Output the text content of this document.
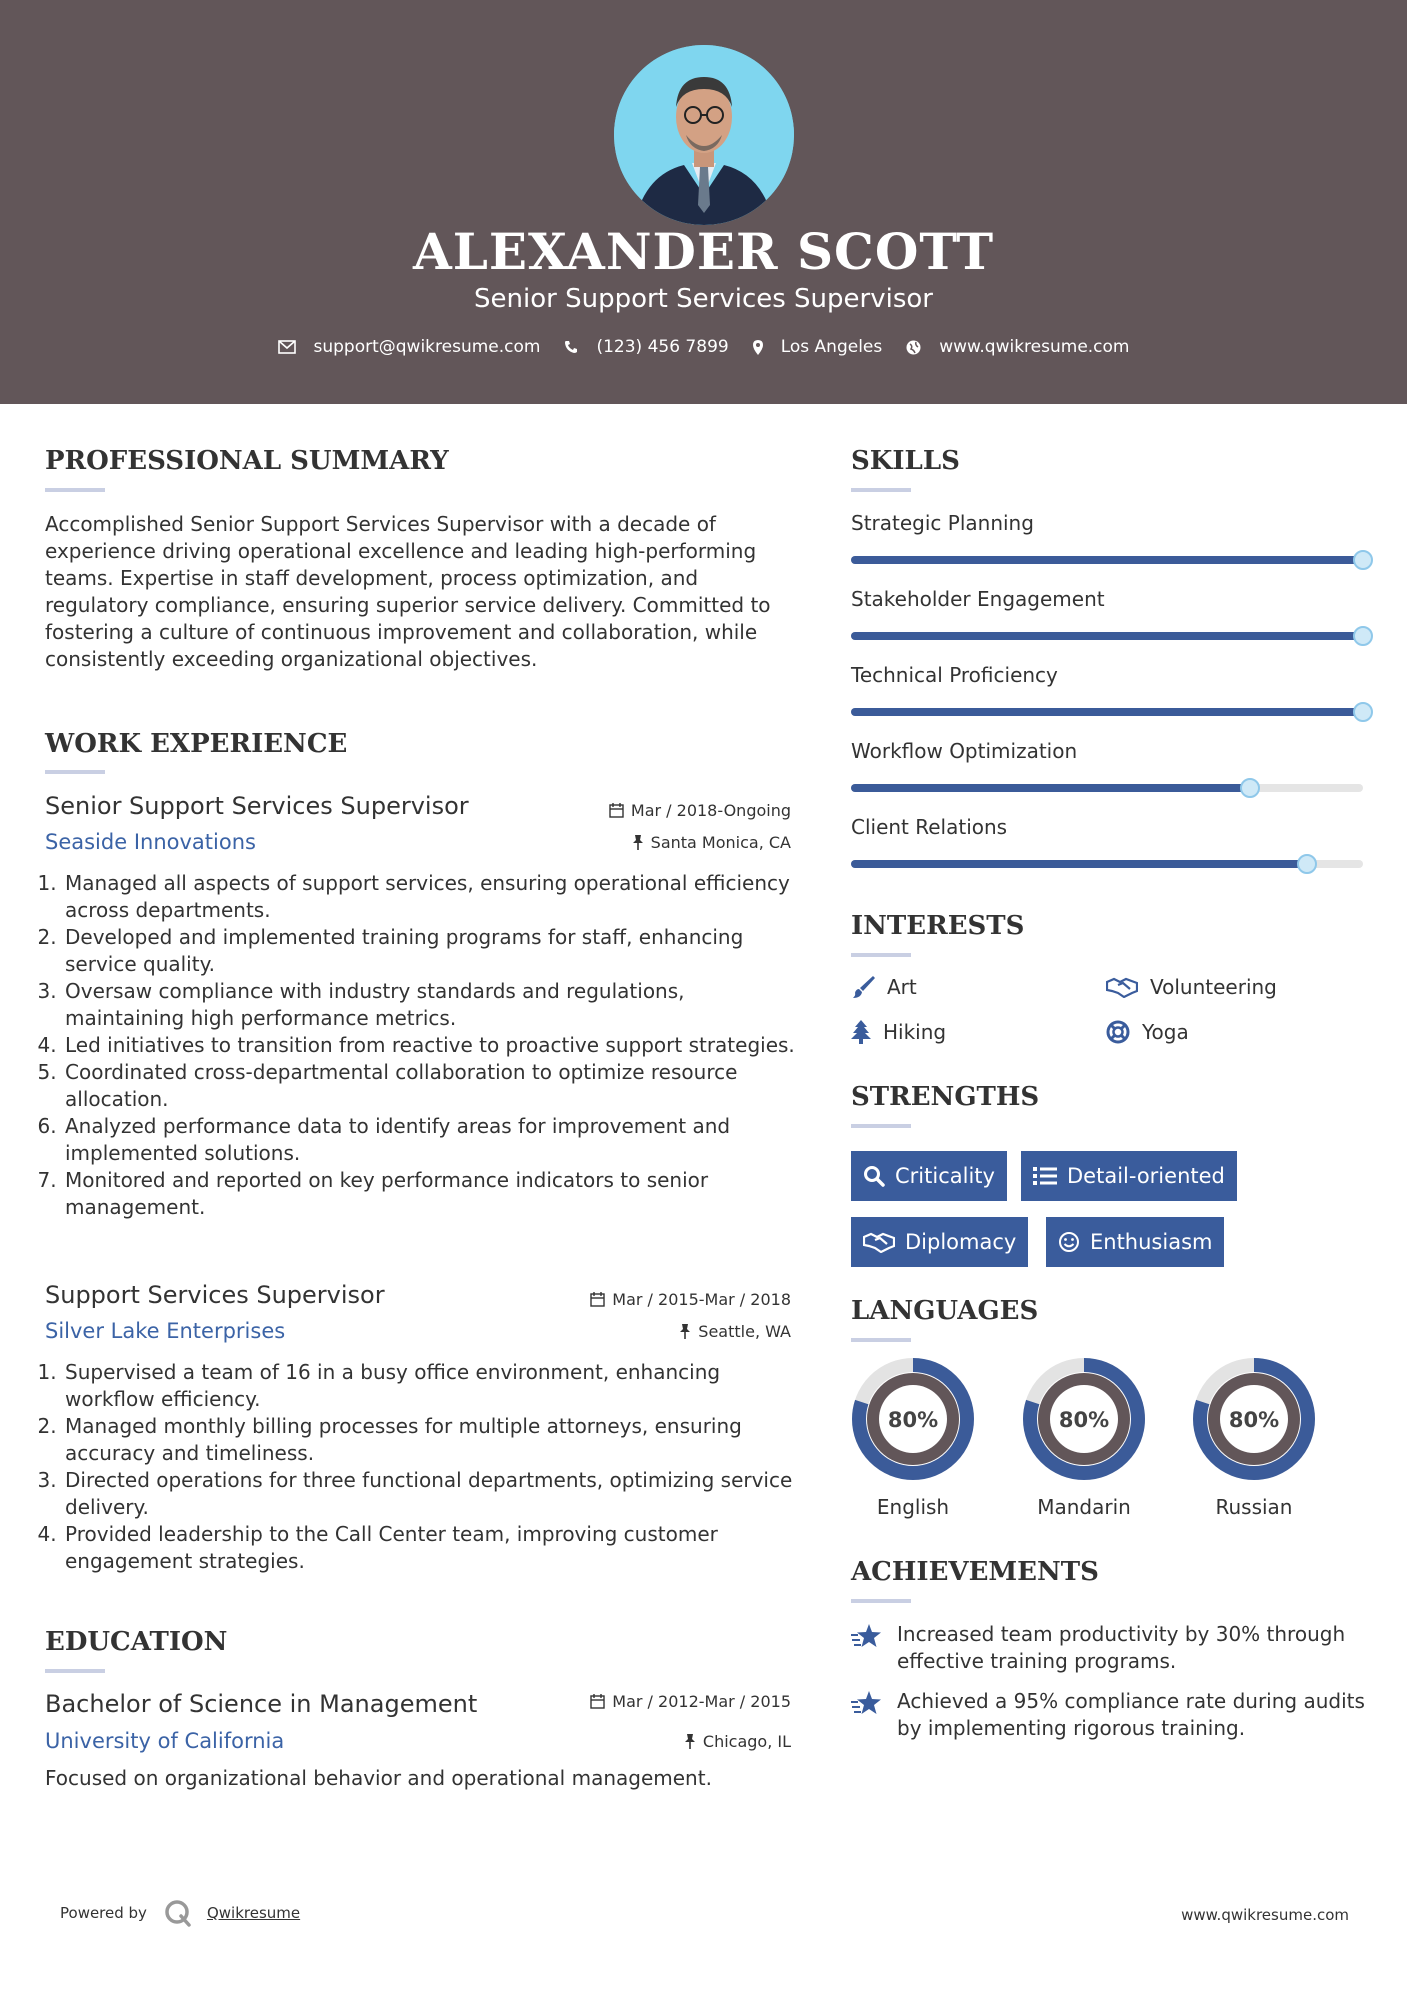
ALEXANDER SCOTT
Senior Support Services Supervisor
support@qwikresume.com	(123) 456 7899	Los Angeles	www.qwikresume.com
PROFESSIONAL SUMMARY
Accomplished Senior Support Services Supervisor with a decade of experience driving operational excellence and leading high-performing teams. Expertise in staff development, process optimization, and regulatory compliance, ensuring superior service delivery. Committed to fostering a culture of continuous improvement and collaboration, while consistently exceeding organizational objectives.
WORK EXPERIENCE
Senior Support Services Supervisor	Mar / 2018-Ongoing
Seaside Innovations	Santa Monica, CA
1. Managed all aspects of support services, ensuring operational efficiency across departments.
2. Developed and implemented training programs for staff, enhancing service quality.
3. Oversaw compliance with industry standards and regulations, maintaining high performance metrics.
4. Led initiatives to transition from reactive to proactive support strategies.
5. Coordinated cross-departmental collaboration to optimize resource allocation.
6. Analyzed performance data to identify areas for improvement and implemented solutions.
7. Monitored and reported on key performance indicators to senior management.
Support Services Supervisor	Mar / 2015-Mar / 2018
Silver Lake Enterprises	Seattle, WA
1. Supervised a team of 16 in a busy office environment, enhancing workflow efficiency.
2. Managed monthly billing processes for multiple attorneys, ensuring accuracy and timeliness.
3. Directed operations for three functional departments, optimizing service delivery.
4. Provided leadership to the Call Center team, improving customer engagement strategies.
EDUCATION
Bachelor of Science in Management	Mar / 2012-Mar / 2015
University of California	Chicago, IL
Focused on organizational behavior and operational management.
SKILLS
Strategic Planning
Stakeholder Engagement
Technical Proficiency
Workflow Optimization
Client Relations
INTERESTS
Art	Volunteering
Hiking	Yoga
STRENGTHS
Criticality	Detail-oriented
Diplomacy	Enthusiasm
LANGUAGES
80%
English
80%
Mandarin
80%
Russian
ACHIEVEMENTS
Increased team productivity by 30% through effective training programs.
Achieved a 95% compliance rate during audits by implementing rigorous training.
Powered by	Qwikresume	www.qwikresume.com
